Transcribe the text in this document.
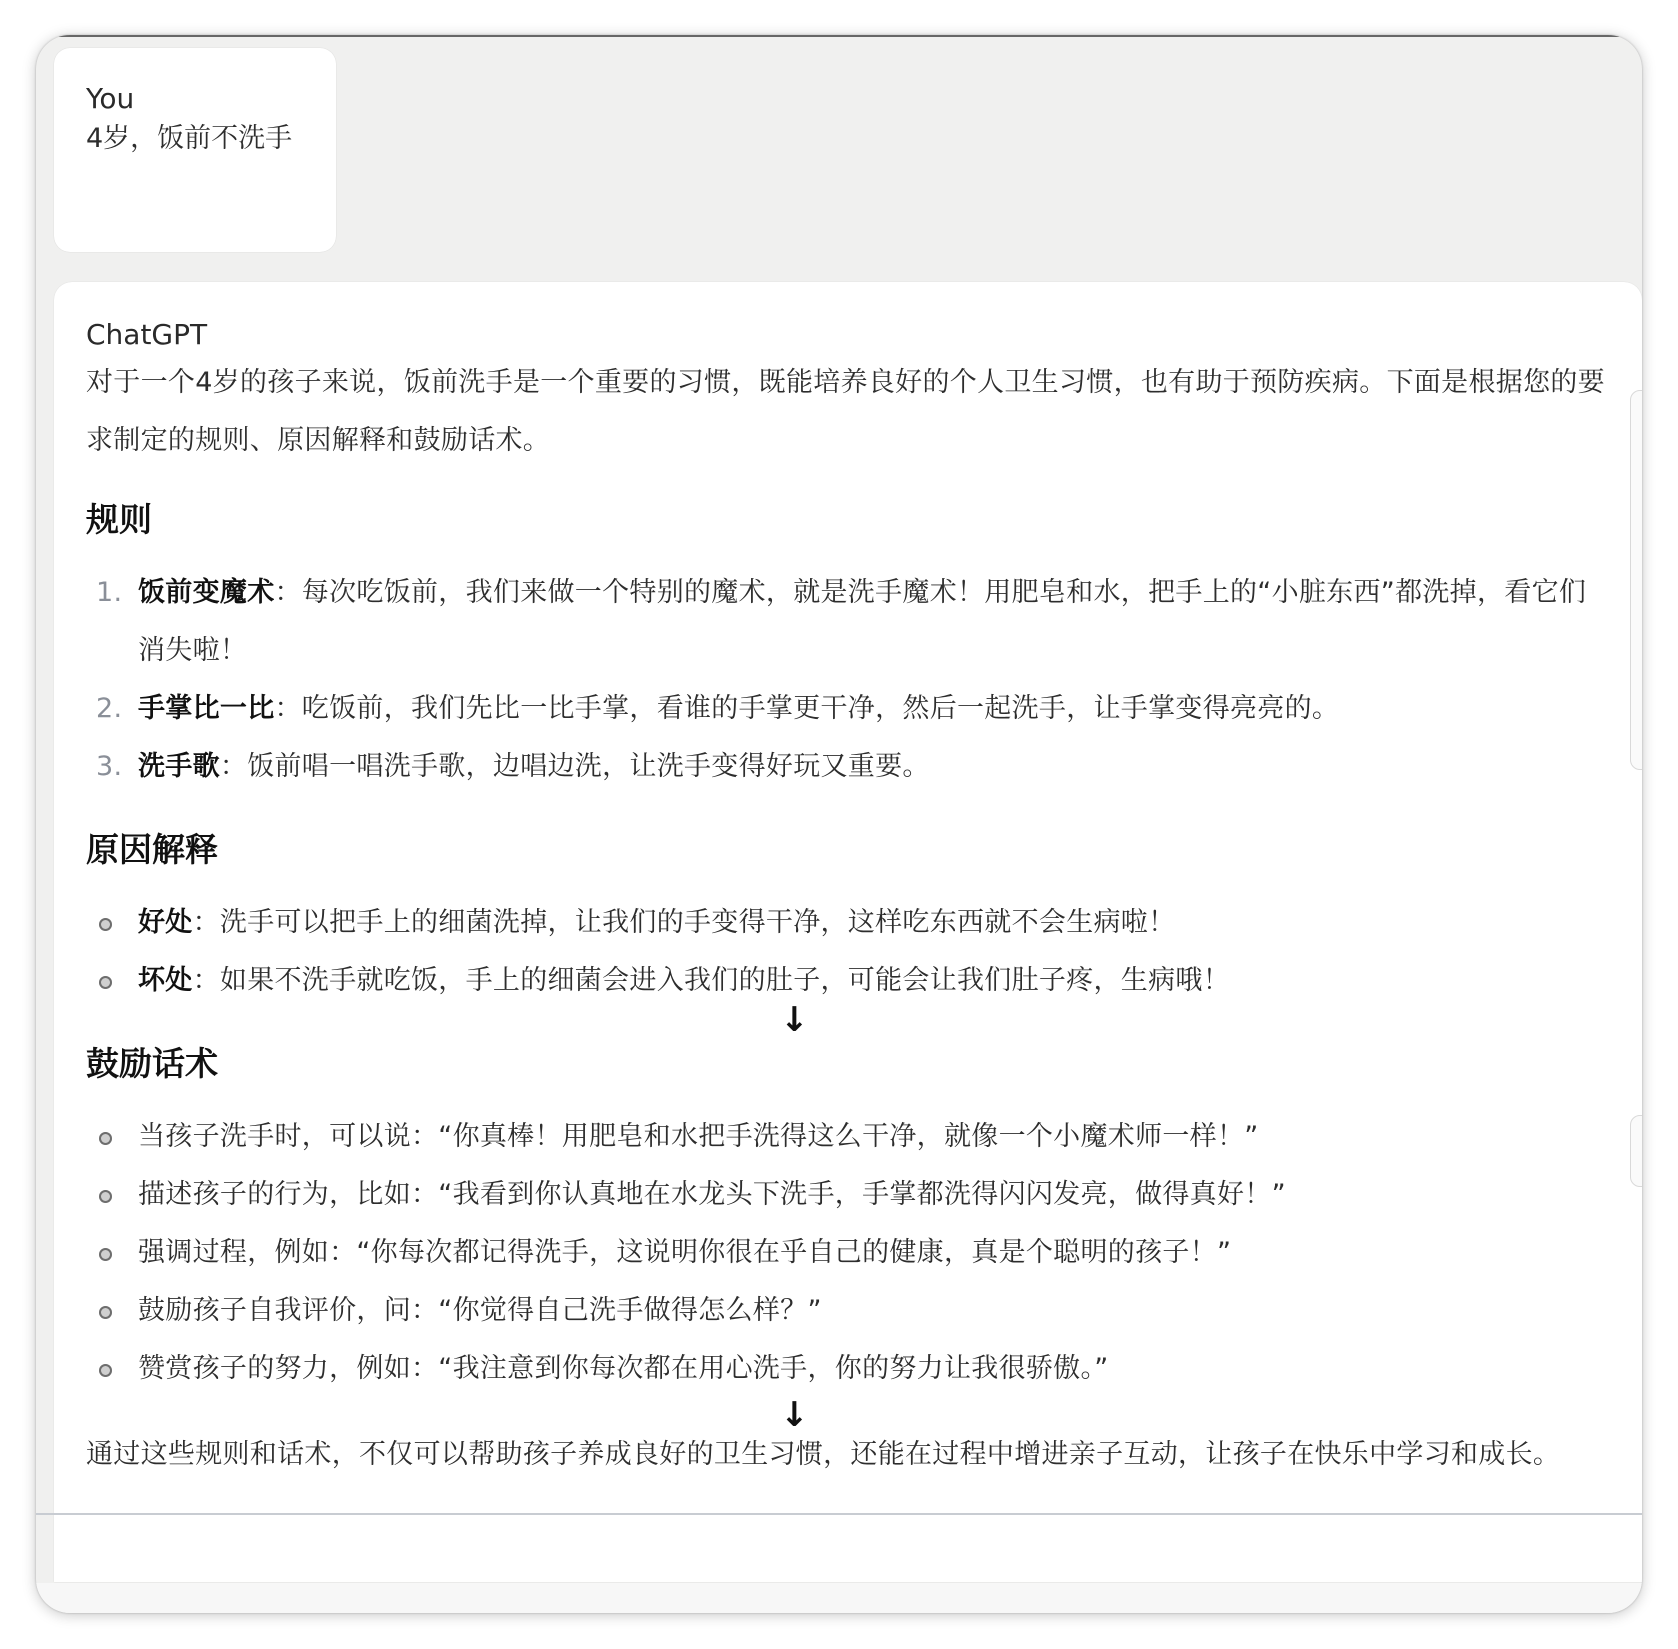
You
4岁，饭前不洗手
ChatGPT

对于一个4岁的孩子来说，饭前洗手是一个重要的习惯，既能培养良好的个人卫生习惯，也有助于预防疾病。下面是根据您的要求制定的规则、原因解释和鼓励话术。

规则
1. 饭前变魔术：每次吃饭前，我们来做一个特别的魔术，就是洗手魔术！用肥皂和水，把手上的“小脏东西”都洗掉，看它们消失啦！
2. 手掌比一比：吃饭前，我们先比一比手掌，看谁的手掌更干净，然后一起洗手，让手掌变得亮亮的。
3. 洗手歌：饭前唱一唱洗手歌，边唱边洗，让洗手变得好玩又重要。
原因解释
好处：洗手可以把手上的细菌洗掉，让我们的手变得干净，这样吃东西就不会生病啦！
坏处：如果不洗手就吃饭，手上的细菌会进入我们的肚子，可能会让我们肚子疼，生病哦！
鼓励话术
当孩子洗手时，可以说：“你真棒！用肥皂和水把手洗得这么干净，就像一个小魔术师一样！”
描述孩子的行为，比如：“我看到你认真地在水龙头下洗手，手掌都洗得闪闪发亮，做得真好！”
强调过程，例如：“你每次都记得洗手，这说明你很在乎自己的健康，真是个聪明的孩子！”
鼓励孩子自我评价，问：“你觉得自己洗手做得怎么样？”
赞赏孩子的努力，例如：“我注意到你每次都在用心洗手，你的努力让我很骄傲。”

通过这些规则和话术，不仅可以帮助孩子养成良好的卫生习惯，还能在过程中增进亲子互动，让孩子在快乐中学习和成长。

↓
↓
